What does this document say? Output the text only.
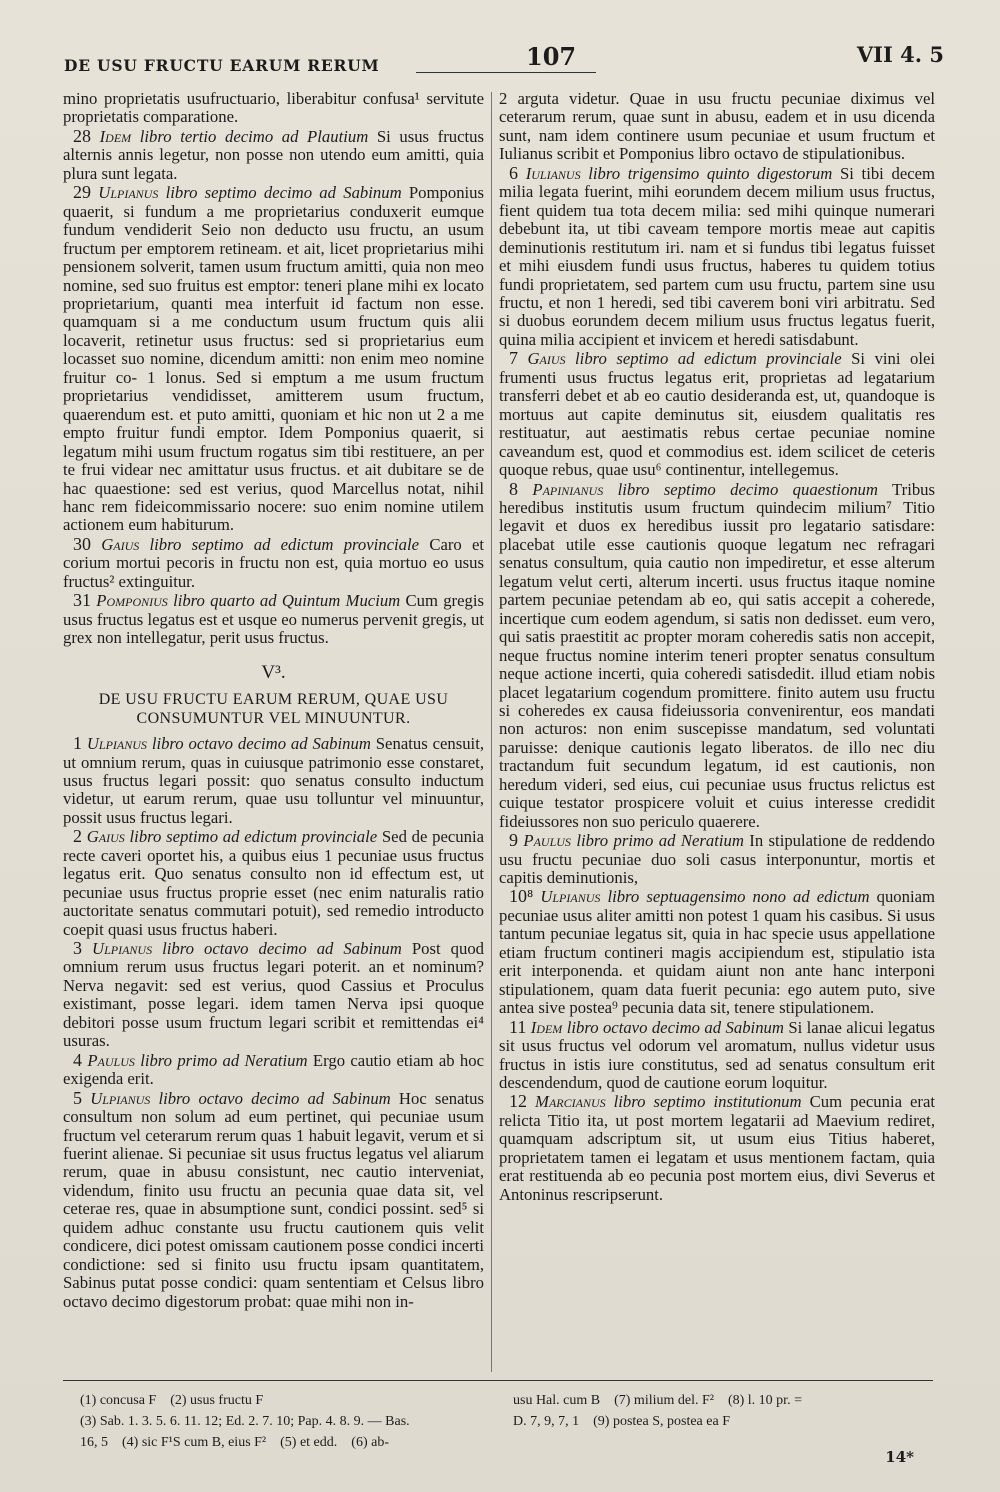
DE USU FRUCTU EARUM RERUM	107	VII 4. 5

mino proprietatis usufructuario, liberabitur confusa¹ servitute proprietatis comparatione.

28 Idem libro tertio decimo ad Plautium Si usus fructus alternis annis legetur, non posse non utendo eum amitti, quia plura sunt legata.

29 Ulpianus libro septimo decimo ad Sabinum Pomponius quaerit, si fundum a me proprietarius conduxerit eumque fundum vendiderit Seio non deducto usu fructu, an usum fructum per emptorem retineam. et ait, licet proprietarius mihi pensionem solverit, tamen usum fructum amitti, quia non meo nomine, sed suo fruitus est emptor: teneri plane mihi ex locato proprietarium, quanti mea interfuit id factum non esse. quamquam si a me conductum usum fructum quis alii locaverit, retinetur usus fructus: sed si proprietarius eum locasset suo nomine, dicendum amitti: non enim meo nomine fruitur co- 1 lonus. Sed si emptum a me usum fructum proprietarius vendidisset, amitterem usum fructum, quaerendum est. et puto amitti, quoniam et hic non ut 2 a me empto fruitur fundi emptor. Idem Pomponius quaerit, si legatum mihi usum fructum rogatus sim tibi restituere, an per te frui videar nec amittatur usus fructus. et ait dubitare se de hac quaestione: sed est verius, quod Marcellus notat, nihil hanc rem fideicommissario nocere: suo enim nomine utilem actionem eum habiturum.

30 Gaius libro septimo ad edictum provinciale Caro et corium mortui pecoris in fructu non est, quia mortuo eo usus fructus² extinguitur.

31 Pomponius libro quarto ad Quintum Mucium Cum gregis usus fructus legatus est et usque eo numerus pervenit gregis, ut grex non intellegatur, perit usus fructus.

V³.
DE USU FRUCTU EARUM RERUM, QUAE USU CONSUMUNTUR VEL MINUUNTUR.

1 Ulpianus libro octavo decimo ad Sabinum Senatus censuit, ut omnium rerum, quas in cuiusque patrimonio esse constaret, usus fructus legari possit: quo senatus consulto inductum videtur, ut earum rerum, quae usu tolluntur vel minuuntur, possit usus fructus legari.

2 Gaius libro septimo ad edictum provinciale Sed de pecunia recte caveri oportet his, a quibus eius 1 pecuniae usus fructus legatus erit. Quo senatus consulto non id effectum est, ut pecuniae usus fructus proprie esset (nec enim naturalis ratio auctoritate senatus commutari potuit), sed remedio introducto coepit quasi usus fructus haberi.

3 Ulpianus libro octavo decimo ad Sabinum Post quod omnium rerum usus fructus legari poterit. an et nominum? Nerva negavit: sed est verius, quod Cassius et Proculus existimant, posse legari. idem tamen Nerva ipsi quoque debitori posse usum fructum legari scribit et remittendas ei⁴ usuras.

4 Paulus libro primo ad Neratium Ergo cautio etiam ab hoc exigenda erit.

5 Ulpianus libro octavo decimo ad Sabinum Hoc senatus consultum non solum ad eum pertinet, qui pecuniae usum fructum vel ceterarum rerum quas 1 habuit legavit, verum et si fuerint alienae. Si pecuniae sit usus fructus legatus vel aliarum rerum, quae in abusu consistunt, nec cautio interveniat, videndum, finito usu fructu an pecunia quae data sit, vel ceterae res, quae in absumptione sunt, condici possint. sed⁵ si quidem adhuc constante usu fructu cautionem quis velit condicere, dici potest omissam cautionem posse condici incerti condictione: sed si finito usu fructu ipsam quantitatem, Sabinus putat posse condici: quam sententiam et Celsus libro octavo decimo digestorum probat: quae mihi non in-

2 arguta videtur. Quae in usu fructu pecuniae diximus vel ceterarum rerum, quae sunt in abusu, eadem et in usu dicenda sunt, nam idem continere usum pecuniae et usum fructum et Iulianus scribit et Pomponius libro octavo de stipulationibus.

6 Iulianus libro trigensimo quinto digestorum Si tibi decem milia legata fuerint, mihi eorundem decem milium usus fructus, fient quidem tua tota decem milia: sed mihi quinque numerari debebunt ita, ut tibi caveam tempore mortis meae aut capitis deminutionis restitutum iri. nam et si fundus tibi legatus fuisset et mihi eiusdem fundi usus fructus, haberes tu quidem totius fundi proprietatem, sed partem cum usu fructu, partem sine usu fructu, et non 1 heredi, sed tibi caverem boni viri arbitratu. Sed si duobus eorundem decem milium usus fructus legatus fuerit, quina milia accipient et invicem et heredi satisdabunt.

7 Gaius libro septimo ad edictum provinciale Si vini olei frumenti usus fructus legatus erit, proprietas ad legatarium transferri debet et ab eo cautio desideranda est, ut, quandoque is mortuus aut capite deminutus sit, eiusdem qualitatis res restituatur, aut aestimatis rebus certae pecuniae nomine caveandum est, quod et commodius est. idem scilicet de ceteris quoque rebus, quae usu⁶ continentur, intellegemus.

8 Papinianus libro septimo decimo quaestionum Tribus heredibus institutis usum fructum quindecim milium⁷ Titio legavit et duos ex heredibus iussit pro legatario satisdare: placebat utile esse cautionis quoque legatum nec refragari senatus consultum, quia cautio non impediretur, et esse alterum legatum velut certi, alterum incerti. usus fructus itaque nomine partem pecuniae petendam ab eo, qui satis accepit a coherede, incertique cum eodem agendum, si satis non dedisset. eum vero, qui satis praestitit ac propter moram coheredis satis non accepit, neque fructus nomine interim teneri propter senatus consultum neque actione incerti, quia coheredi satisdedit. illud etiam nobis placet legatarium cogendum promittere. finito autem usu fructu si coheredes ex causa fideiussoria convenirentur, eos mandati non acturos: non enim suscepisse mandatum, sed voluntati paruisse: denique cautionis legato liberatos. de illo nec diu tractandum fuit secundum legatum, id est cautionis, non heredum videri, sed eius, cui pecuniae usus fructus relictus est cuique testator prospicere voluit et cuius interesse credidit fideiussores non suo periculo quaerere.

9 Paulus libro primo ad Neratium In stipulatione de reddendo usu fructu pecuniae duo soli casus interponuntur, mortis et capitis deminutionis,

10⁸ Ulpianus libro septuagensimo nono ad edictum quoniam pecuniae usus aliter amitti non potest 1 quam his casibus. Si usus tantum pecuniae legatus sit, quia in hac specie usus appellatione etiam fructum contineri magis accipiendum est, stipulatio ista erit interponenda. et quidam aiunt non ante hanc interponi stipulationem, quam data fuerit pecunia: ego autem puto, sive antea sive postea⁹ pecunia data sit, tenere stipulationem.

11 Idem libro octavo decimo ad Sabinum Si lanae alicui legatus sit usus fructus vel odorum vel aromatum, nullus videtur usus fructus in istis iure constitutus, sed ad senatus consultum erit descendendum, quod de cautione eorum loquitur.

12 Marcianus libro septimo institutionum Cum pecunia erat relicta Titio ita, ut post mortem legatarii ad Maevium rediret, quamquam adscriptum sit, ut usum eius Titius haberet, proprietatem tamen ei legatam et usus mentionem factam, quia erat restituenda ab eo pecunia post mortem eius, divi Severus et Antoninus rescripserunt.

(1) concusa F (2) usus fructu F
(3) Sab. 1. 3. 5. 6. 11. 12; Ed. 2. 7. 10; Pap. 4. 8. 9. — Bas.
16, 5 (4) sic F¹S cum B, eius F² (5) et edd. (6) ab-
usu Hal. cum B (7) milium del. F² (8) l. 10 pr. =
D. 7, 9, 7, 1 (9) postea S, postea ea F
14*
